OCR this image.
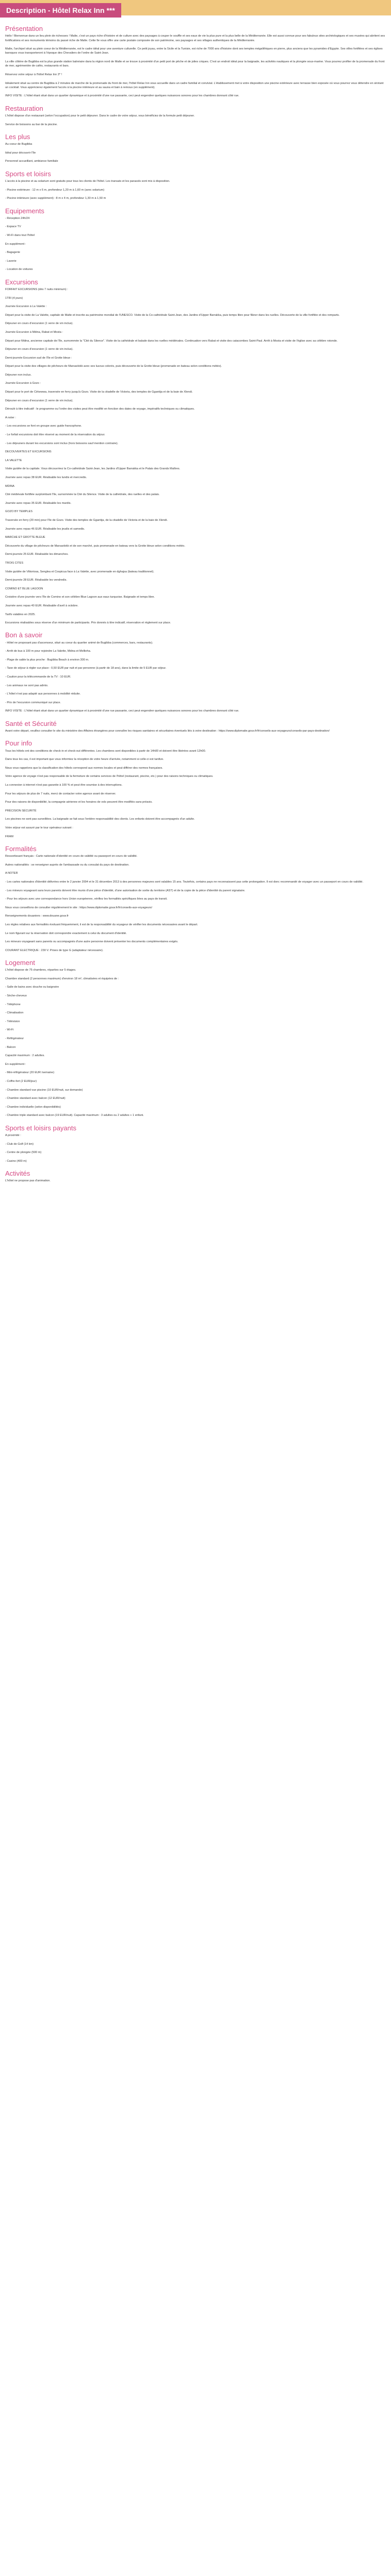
Description - Hôtel Relax Inn ***
Présentation

Hello ! Bienvenue dans un lieu plein de richesses ! Malte, c'est un pays riche d'histoire et de culture avec des paysages à couper le souffle et ses eaux de vie la plus pure et la plus belle de la Méditerranée. Elle est aussi connue pour ses fabuleux sites archéologiques et ses musées qui abritent ses fortifications et ses monuments témoins du passé riche de Malte. Cette île vous offre une carte postale composée de son patrimoine, ses paysages et ses villages authentiques de la Méditerranée.

Malte, l'archipel situé au plein coeur de la Méditerranée, est le cadre idéal pour une aventure culturelle. Ce petit joyau, entre la Sicile et la Tunisie, est riche de 7000 ans d'histoire dont ses temples mégalithiques en pierre, plus anciens que les pyramides d'Egypte. Ses villes fortifiées et ses églises baroques vous transporteront à l'époque des Chevaliers de l'ordre de Saint-Jean.

La ville côtière de Bugibba est la plus grande station balnéaire dans la région nord de Malte et se trouve à proximité d'un petit port de pêche et de jolies criques. C'est un endroit idéal pour la baignade, les activités nautiques et la plongée sous-marine. Vous pourrez profiter de la promenade du front de mer, agrémentée de cafés, restaurants et bars.

Réservez votre séjour à l'hôtel Relax Inn 3* !

Idéalement situé au centre de Bugibba à 2 minutes de marche de la promenade du front de mer, l'hôtel Relax Inn vous accueille dans un cadre familial et convivial. L'établissement met à votre disposition une piscine extérieure avec terrasse bien exposée où vous pourrez vous détendre en sirotant un cocktail. Vous apprécierez également l'accès à la piscine intérieure et au sauna et bain à remous (en supplément).

INFO VISITE : L'hôtel étant situé dans un quartier dynamique et à proximité d'une rue passante, ceci peut engendrer quelques nuisances sonores pour les chambres donnant côté rue.

Restauration

L'hôtel dispose d'un restaurant (selon l'occupation) pour le petit déjeuner. Dans le cadre de votre séjour, vous bénéficiez de la formule petit déjeuner.

Service de boissons au bar de la piscine.

Les plus

Au coeur de Bugibba

Idéal pour découvrir l'île

Personnel accueillant, ambiance familiale

Sports et loisirs

L'accès à la piscine et au solarium sont gratuits pour tous les clients de l'hôtel. Les transats et les parasols sont mis à disposition.

- Piscine extérieure : 12 m x 6 m, profondeur 1,20 m à 1,60 m (avec solarium)

- Piscine intérieure (avec supplément) : 8 m x 4 m, profondeur 1,30 m à 1,50 m

Equipements

- Réception 24h/24

- Espace TV

- Wi-Fi dans tout l'hôtel

En supplément :

- Bagagerie

- Laverie

- Location de voitures

Excursions

FORFAIT EXCURSIONS (dès 7 nuits minimum) :

1TRI (4 jours)

Journée Excursion à La Valette :

Départ pour la visite de La Valette, capitale de Malte et inscrite au patrimoine mondial de l'UNESCO. Visite de la Co-cathédrale Saint-Jean, des Jardins d'Upper Barrakka, puis temps libre pour flâner dans les ruelles. Découverte de la ville fortifiée et des remparts.

Déjeuner en cours d'excursion (1 verre de vin inclus).

Journée Excursion à Mdina, Rabat et Mosta :

Départ pour Mdina, ancienne capitale de l'île, surnommée la "Cité du Silence". Visite de la cathédrale et balade dans les ruelles médiévales. Continuation vers Rabat et visite des catacombes Saint-Paul. Arrêt à Mosta et visite de l'église avec sa célèbre rotonde.

Déjeuner en cours d'excursion (1 verre de vin inclus).

Demi-journée Excursion sud de l'île et Grotte bleue :

Départ pour la visite des villages de pêcheurs de Marsaxlokk avec ses luzzus colorés, puis découverte de la Grotte bleue (promenade en bateau selon conditions météo).

Déjeuner non inclus.

Journée Excursion à Gozo :

Départ pour le port de Cirkewwa, traversée en ferry jusqu'à Gozo. Visite de la citadelle de Victoria, des temples de Ggantija et de la baie de Xlendi.

Déjeuner en cours d'excursion (1 verre de vin inclus).

Déroulé à titre indicatif : le programme ou l'ordre des visites peut être modifié en fonction des dates de voyage, impératifs techniques ou climatiques.

A noter :

- Les excursions se font en groupe avec guide francophone.

- Le forfait excursions doit être réservé au moment de la réservation du séjour.

- Les déjeuners durant les excursions sont inclus (hors boissons sauf mention contraire).

DECOUVERTES ET EXCURSIONS

LA VALETTE

Visite guidée de la capitale. Vous découvrirez la Co-cathédrale Saint-Jean, les Jardins d'Upper Barrakka et le Palais des Grands Maîtres.

Journée avec repas 38 EUR. Réalisable les lundis et mercredis.

MDINA

Cité médiévale fortifiée surplombant l'île, surnommée la Cité du Silence. Visite de la cathédrale, des ruelles et des palais.

Journée avec repas 35 EUR. Réalisable les mardis.

GOZO BY TEMPLES

Traversée en ferry (20 min) pour l'île de Gozo. Visite des temples de Ggantija, de la citadelle de Victoria et de la baie de Xlendi.

Journée avec repas 46 EUR. Réalisable les jeudis et samedis.

MARCHE ET GROTTE BLEUE

Découverte du village de pêcheurs de Marsaxlokk et de son marché, puis promenade en bateau vers la Grotte bleue selon conditions météo.

Demi-journée 25 EUR. Réalisable les dimanches.

TROIS CITES

Visite guidée de Vittoriosa, Senglea et Cospicua face à La Valette, avec promenade en dghajsa (bateau traditionnel).

Demi-journée 28 EUR. Réalisable les vendredis.

COMINO ET BLUE LAGOON

Croisière d'une journée vers l'île de Comino et son célèbre Blue Lagoon aux eaux turquoise. Baignade et temps libre.

Journée avec repas 40 EUR. Réalisable d'avril à octobre.

Tarifs valables en 2025.

Excursions réalisables sous réserve d'un minimum de participants. Prix donnés à titre indicatif, réservation et règlement sur place.

Bon à savoir

- Hôtel ne proposant pas d'ascenseur, situé au coeur du quartier animé de Bugibba (commerces, bars, restaurants).

- Arrêt de bus à 100 m pour rejoindre La Valette, Mdina et Mellieha.

- Plage de sable la plus proche : Bugibba Beach à environ 300 m.

- Taxe de séjour à régler sur place : 0,50 EUR par nuit et par personne (à partir de 18 ans), dans la limite de 5 EUR par séjour.

- Caution pour la télécommande de la TV : 10 EUR.

- Les animaux ne sont pas admis.

- L'hôtel n'est pas adapté aux personnes à mobilité réduite.

- Prix de l'excursion communiqué sur place.

INFO VISITE : L'hôtel étant situé dans un quartier dynamique et à proximité d'une rue passante, ceci peut engendrer quelques nuisances sonores pour les chambres donnant côté rue.

Santé et Sécurité

Avant votre départ, veuillez consulter le site du ministère des Affaires étrangères pour connaître les risques sanitaires et sécuritaires éventuels liés à votre destination : https://www.diplomatie.gouv.fr/fr/conseils-aux-voyageurs/conseils-par-pays-destination/

Pour info

Tous les hôtels ont des conditions de check-in et check-out différentes. Les chambres sont disponibles à partir de 14h00 et doivent être libérées avant 12h00.

Dans tous les cas, il est important que vous informiez la réception de votre heure d'arrivée, notamment si celle-ci est tardive.

Nous vous rappelons que la classification des hôtels correspond aux normes locales et peut différer des normes françaises.

Votre agence de voyage n'est pas responsable de la fermeture de certains services de l'hôtel (restaurant, piscine, etc.) pour des raisons techniques ou climatiques.

La connexion à internet n'est pas garantie à 100 % et peut être soumise à des interruptions.

Pour les séjours de plus de 7 nuits, merci de contacter votre agence avant de réserver.

Pour des raisons de disponibilité, la compagnie aérienne et les horaires de vols peuvent être modifiés sans préavis.

PRÉCISION SÉCURITÉ

Les piscines ne sont pas surveillées. La baignade se fait sous l'entière responsabilité des clients. Les enfants doivent être accompagnés d'un adulte.

Votre séjour est assuré par le tour opérateur suivant :

FRAM

Formalités

Ressortissant français : Carte nationale d'identité en cours de validité ou passeport en cours de validité.

Autres nationalités : se renseigner auprès de l'ambassade ou du consulat du pays de destination.

A NOTER

- Les cartes nationales d'identité délivrées entre le 2 janvier 2004 et le 31 décembre 2013 à des personnes majeures sont valables 15 ans. Toutefois, certains pays ne reconnaissent pas cette prolongation. Il est donc recommandé de voyager avec un passeport en cours de validité.

- Les mineurs voyageant sans leurs parents doivent être munis d'une pièce d'identité, d'une autorisation de sortie du territoire (AST) et de la copie de la pièce d'identité du parent signataire.

- Pour les séjours avec une correspondance hors Union européenne, vérifiez les formalités spécifiques liées au pays de transit.

Nous vous conseillons de consulter régulièrement le site : https://www.diplomatie.gouv.fr/fr/conseils-aux-voyageurs/

Renseignements douaniers : www.douane.gouv.fr

Les règles relatives aux formalités évoluant fréquemment, il est de la responsabilité du voyageur de vérifier les documents nécessaires avant le départ.

Le nom figurant sur la réservation doit correspondre exactement à celui du document d'identité.

Les mineurs voyageant sans parents ou accompagnés d'une autre personne doivent présenter les documents complémentaires exigés.

COURANT ELECTRIQUE : 230 V. Prises de type G (adaptateur nécessaire).

Logement

L'hôtel dispose de 75 chambres, réparties sur 5 étages.

Chambre standard (2 personnes maximum) d'environ 18 m², climatisées et équipées de :

- Salle de bains avec douche ou baignoire

- Sèche-cheveux

- Téléphone

- Climatisation

- Télévision

- Wi-Fi

- Réfrigérateur

- Balcon

Capacité maximum : 2 adultes.

En supplément :

- Mini-réfrigérateur (20 EUR /semaine)

- Coffre-fort (2 EUR/jour)

- Chambre standard vue piscine (10 EUR/nuit, sur demande)

- Chambre standard avec balcon (12 EUR/nuit)

- Chambre individuelle (selon disponibilités)

- Chambre triple standard avec balcon (19 EUR/nuit). Capacité maximum : 3 adultes ou 2 adultes + 1 enfant.

Sports et loisirs payants

A proximité :

- Club de Golf (14 km)

- Centre de plongée (500 m)

- Casino (400 m)

Activités

L'hôtel ne propose pas d'animation.
